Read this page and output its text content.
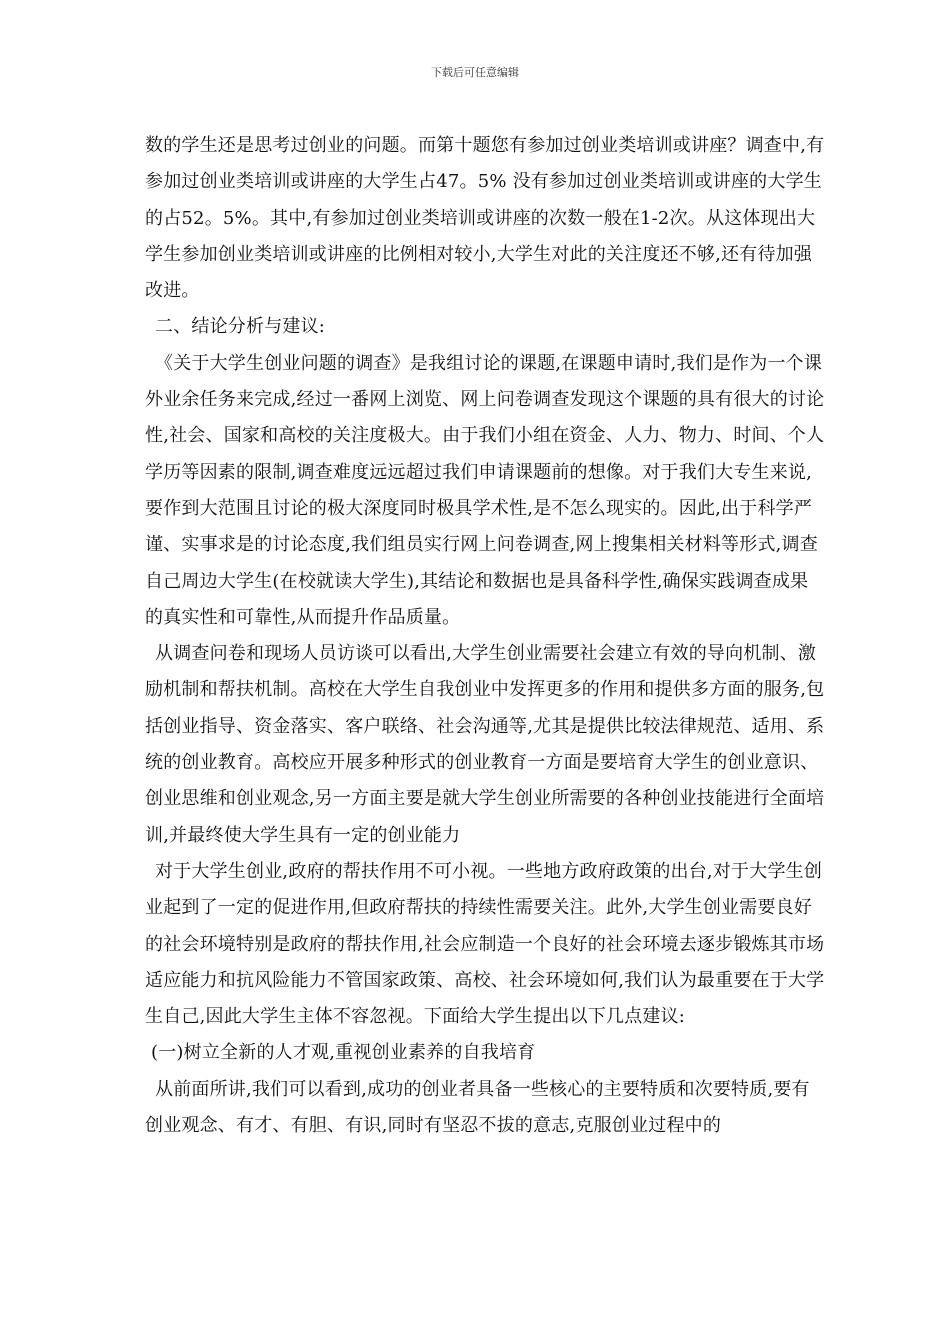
下载后可任意编辑

数的学生还是思考过创业的问题。而第十题您有参加过创业类培训或讲座？调查中,有参加过创业类培训或讲座的大学生占47。5% 没有参加过创业类培训或讲座的大学生的占52。5%。其中,有参加过创业类培训或讲座的次数一般在1-2次。从这体现出大学生参加创业类培训或讲座的比例相对较小,大学生对此的关注度还不够,还有待加强改进。

二、结论分析与建议:

《关于大学生创业问题的调查》是我组讨论的课题,在课题申请时,我们是作为一个课外业余任务来完成,经过一番网上浏览、网上问卷调查发现这个课题的具有很大的讨论性,社会、国家和高校的关注度极大。由于我们小组在资金、人力、物力、时间、个人学历等因素的限制,调查难度远远超过我们申请课题前的想像。对于我们大专生来说,要作到大范围且讨论的极大深度同时极具学术性,是不怎么现实的。因此,出于科学严谨、实事求是的讨论态度,我们组员实行网上问卷调查,网上搜集相关材料等形式,调查自己周边大学生(在校就读大学生),其结论和数据也是具备科学性,确保实践调查成果的真实性和可靠性,从而提升作品质量。

从调查问卷和现场人员访谈可以看出,大学生创业需要社会建立有效的导向机制、激励机制和帮扶机制。高校在大学生自我创业中发挥更多的作用和提供多方面的服务,包括创业指导、资金落实、客户联络、社会沟通等,尤其是提供比较法律规范、适用、系统的创业教育。高校应开展多种形式的创业教育一方面是要培育大学生的创业意识、创业思维和创业观念,另一方面主要是就大学生创业所需要的各种创业技能进行全面培训,并最终使大学生具有一定的创业能力

对于大学生创业,政府的帮扶作用不可小视。一些地方政府政策的出台,对于大学生创业起到了一定的促进作用,但政府帮扶的持续性需要关注。此外,大学生创业需要良好的社会环境特别是政府的帮扶作用,社会应制造一个良好的社会环境去逐步锻炼其市场适应能力和抗风险能力不管国家政策、高校、社会环境如何,我们认为最重要在于大学生自己,因此大学生主体不容忽视。下面给大学生提出以下几点建议:

(一)树立全新的人才观,重视创业素养的自我培育

从前面所讲,我们可以看到,成功的创业者具备一些核心的主要特质和次要特质,要有创业观念、有才、有胆、有识,同时有坚忍不拔的意志,克服创业过程中的
